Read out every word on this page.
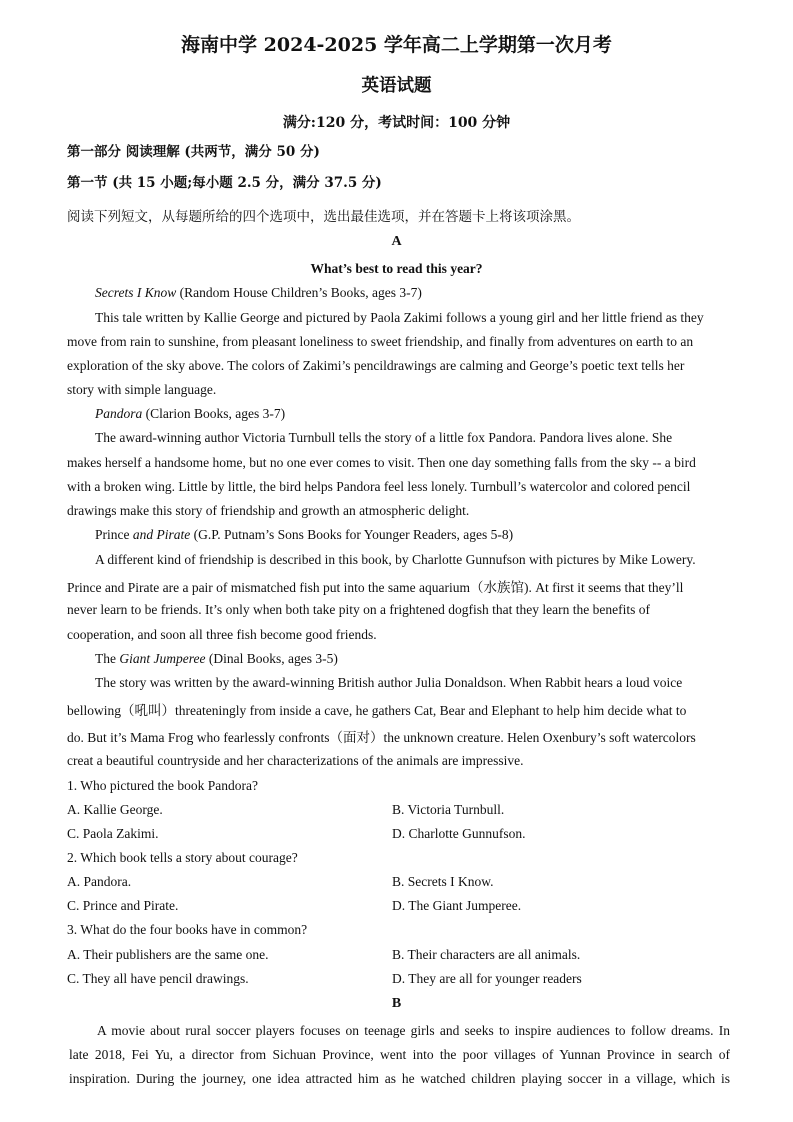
海南中学 2024-2025 学年高二上学期第一次月考
英语试题
满分:120 分，考试时间：100 分钟
第一部分 阅读理解 (共两节，满分 50 分)
第一节 (共 15 小题;每小题 2.5 分，满分 37.5 分)
阅读下列短文，从每题所给的四个选项中，选出最佳选项，并在答题卡上将该项涂黑。
A
What’s best to read this year?
Secrets I Know (Random House Children’s Books, ages 3-7)
This tale written by Kallie George and pictured by Paola Zakimi follows a young girl and her little friend as they
move from rain to sunshine, from pleasant loneliness to sweet friendship, and finally from adventures on earth to an
exploration of the sky above. The colors of Zakimi’s pencildrawings are calming and George’s poetic text tells her
story with simple language.
Pandora (Clarion Books, ages 3-7)
The award-winning author Victoria Turnbull tells the story of a little fox Pandora. Pandora lives alone. She
makes herself a handsome home, but no one ever comes to visit. Then one day something falls from the sky -- a bird
with a broken wing. Little by little, the bird helps Pandora feel less lonely. Turnbull’s watercolor and colored pencil
drawings make this story of friendship and growth an atmospheric delight.
Prince and Pirate (G.P. Putnam’s Sons Books for Younger Readers, ages 5-8)
A different kind of friendship is described in this book, by Charlotte Gunnufson with pictures by Mike Lowery.
Prince and Pirate are a pair of mismatched fish put into the same aquarium（水族馆). At first it seems that they’ll
never learn to be friends. It’s only when both take pity on a frightened dogfish that they learn the benefits of
cooperation, and soon all three fish become good friends.
The Giant Jumperee (Dinal Books, ages 3-5)
The story was written by the award-winning British author Julia Donaldson. When Rabbit hears a loud voice
bellowing（吼叫）threateningly from inside a cave, he gathers Cat, Bear and Elephant to help him decide what to
do. But it’s Mama Frog who fearlessly confronts（面对）the unknown creature. Helen Oxenbury’s soft watercolors
creat a beautiful countryside and her characterizations of the animals are impressive.
1. Who pictured the book Pandora?
A. Kallie George.	B. Victoria Turnbull.
C. Paola Zakimi.	D. Charlotte Gunnufson.
2. Which book tells a story about courage?
A. Pandora.	B. Secrets I Know.
C. Prince and Pirate.	D. The Giant Jumperee.
3. What do the four books have in common?
A. Their publishers are the same one.	B. Their characters are all animals.
C. They all have pencil drawings.	D. They are all for younger readers
B
A movie about rural soccer players focuses on teenage girls and seeks to inspire audiences to follow dreams. In
late 2018, Fei Yu, a director from Sichuan Province, went into the poor villages of Yunnan Province in search of
inspiration. During the journey, one idea attracted him as he watched children playing soccer in a village, which is
